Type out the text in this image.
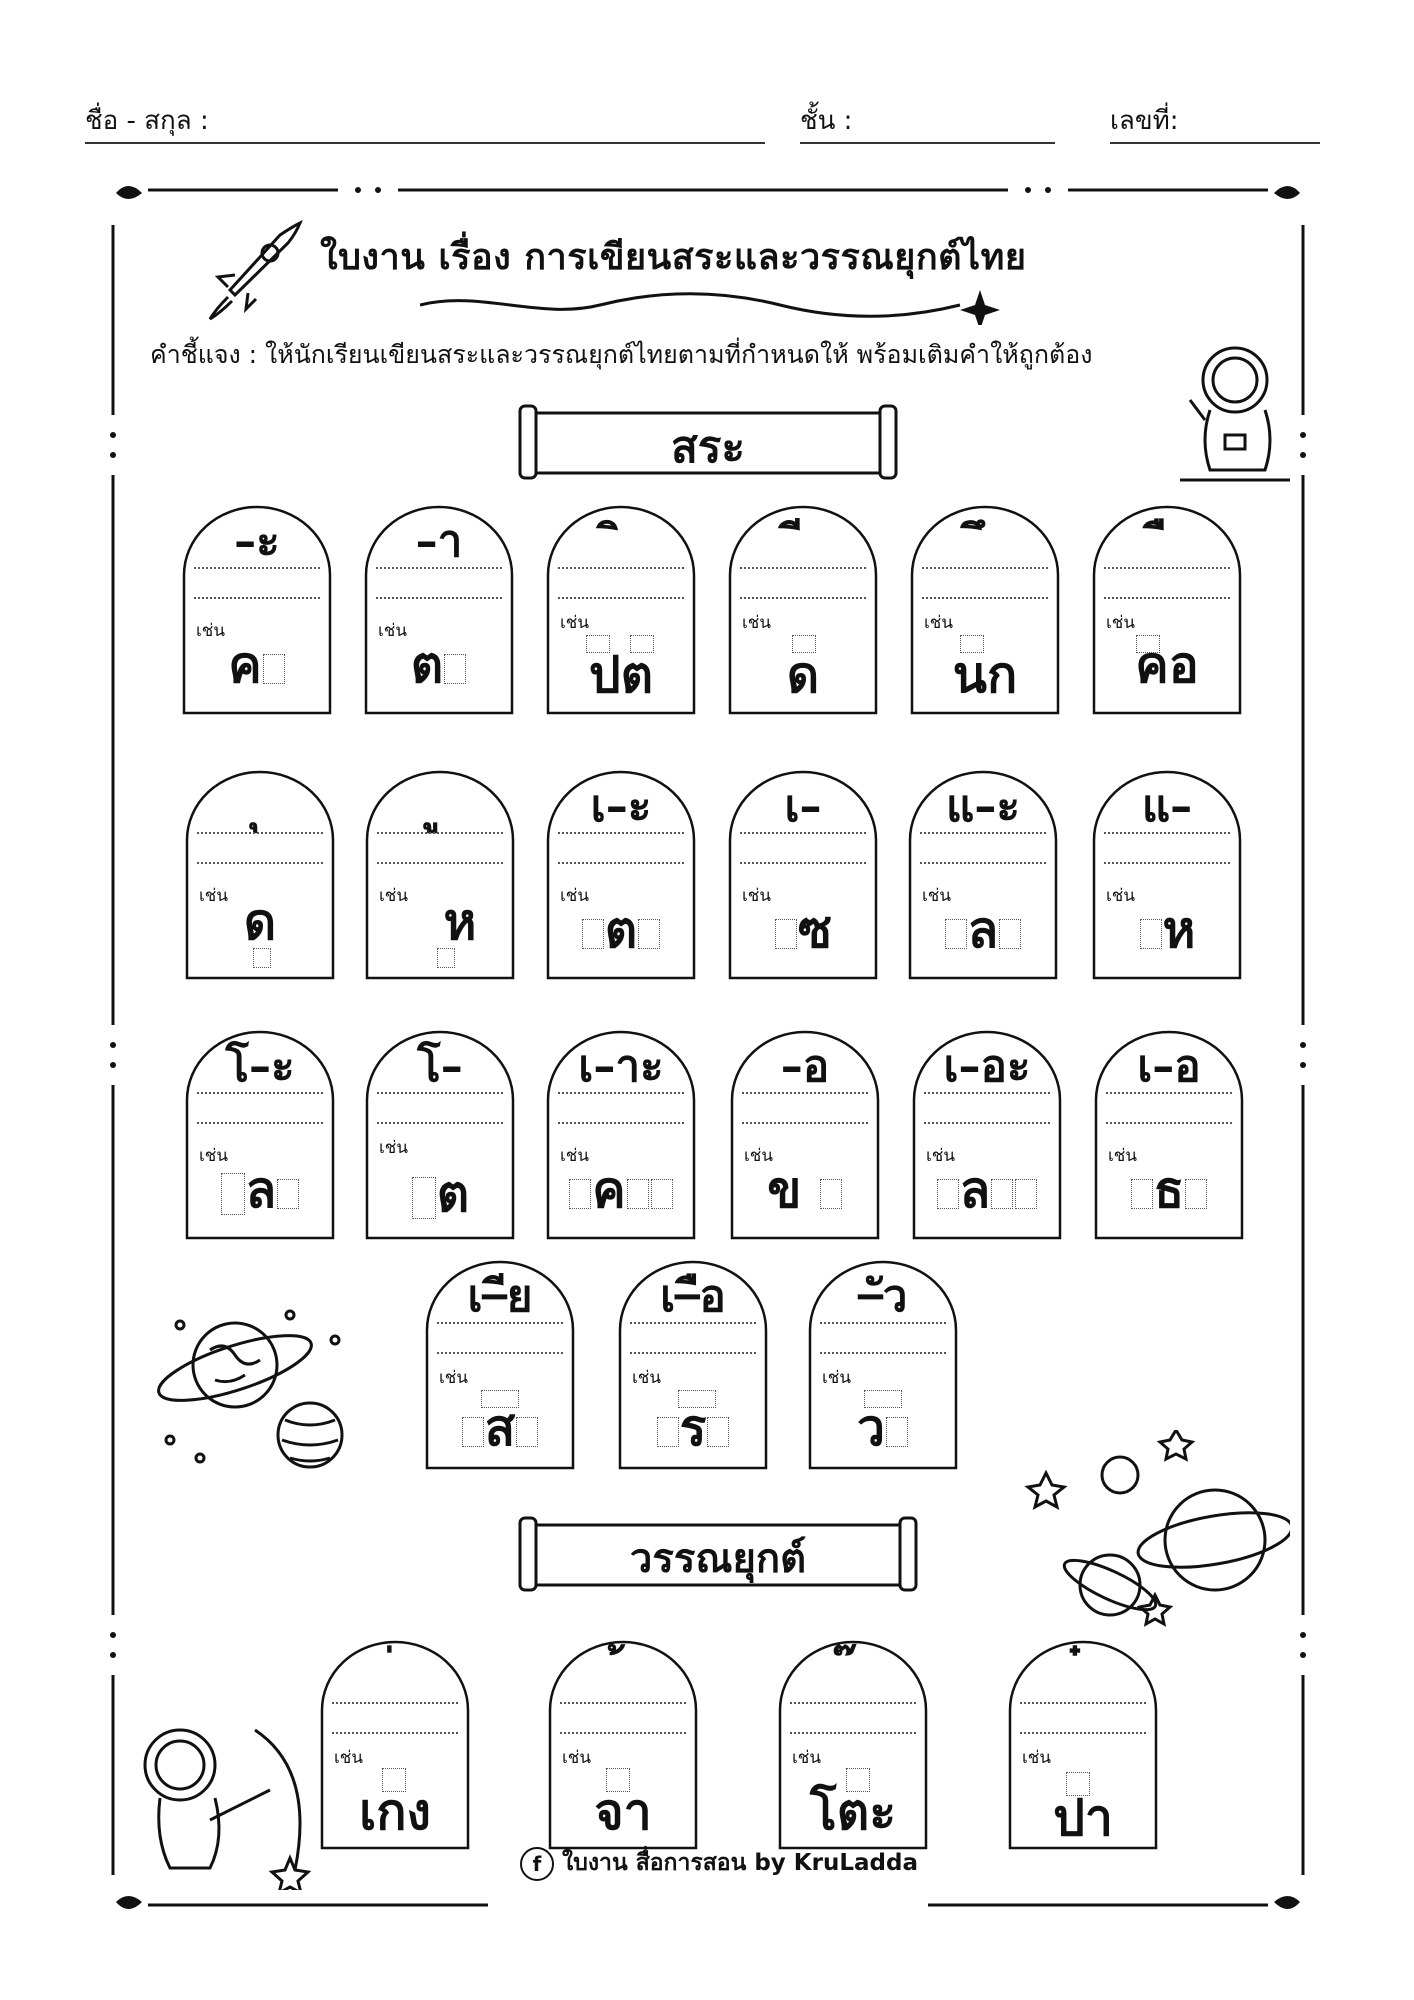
ชื่อ - สกุล :	ชั้น :	เลขที่:
ใบงาน เรื่อง การเขียนสระและวรรณยุกต์ไทย
คำชี้แจง : ให้นักเรียนเขียนสระและวรรณยุกต์ไทยตามที่กำหนดให้ พร้อมเติมคำให้ถูกต้อง
สระ
–ะ
เช่น
ค
–า
เช่น
ต
เช่น
ปต
เช่น
ด
เช่น
นก
เช่น
คอ
เช่น ด	เช่น ห
เ–ะ
เช่น
ต
เ–
เช่น
ซ
แ–ะ
เช่น
ล
แ–
เช่น
ห
โ–ะ
เช่น
ล
โ–
เช่น
ต
เ–าะ
เช่น
ค
–อ
เช่น
ข
เ–อะ
เช่น
ล
เ–อ
เช่น
ธ
เ–ีย
เช่น
ส
เ–ือ
เช่น
ร
–ัว
เช่น
ว
วรรณยุกต์
เช่น
เกง
เช่น
จา
เช่น
โตะ
เช่น
ปา
f ใบงาน สื่อการสอน by KruLadda
